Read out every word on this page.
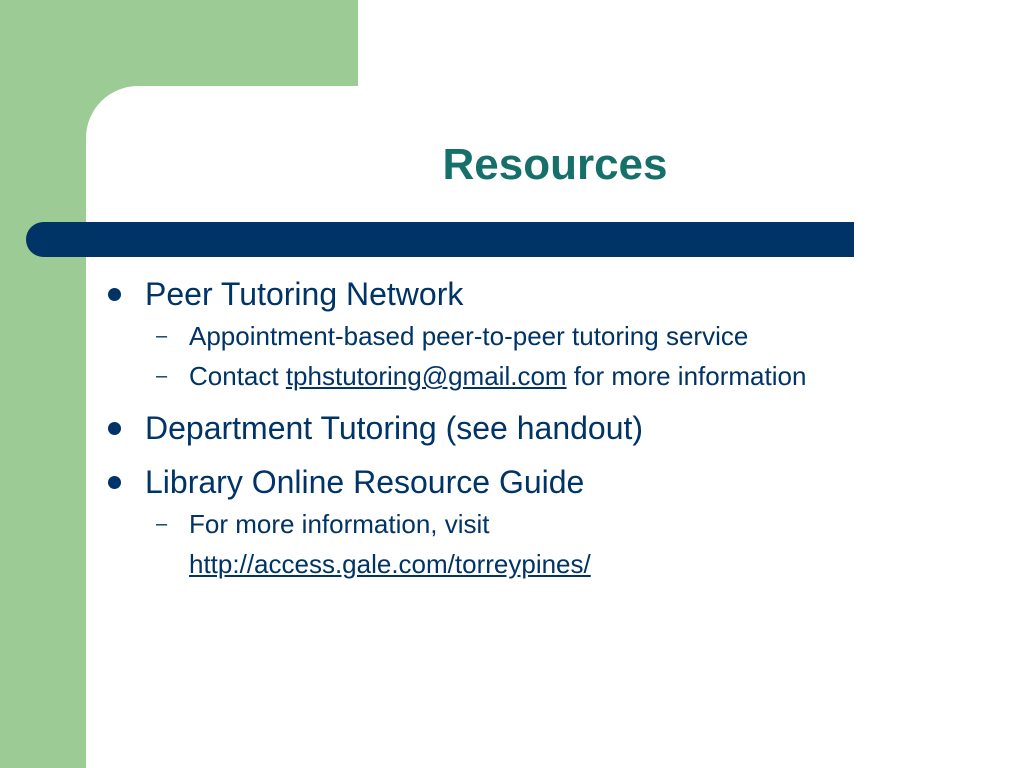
Resources
Peer Tutoring Network
– Appointment-based peer-to-peer tutoring service
– Contact tphstutoring@gmail.com for more information
Department Tutoring (see handout)
Library Online Resource Guide
– For more information, visit
http://access.gale.com/torreypines/
